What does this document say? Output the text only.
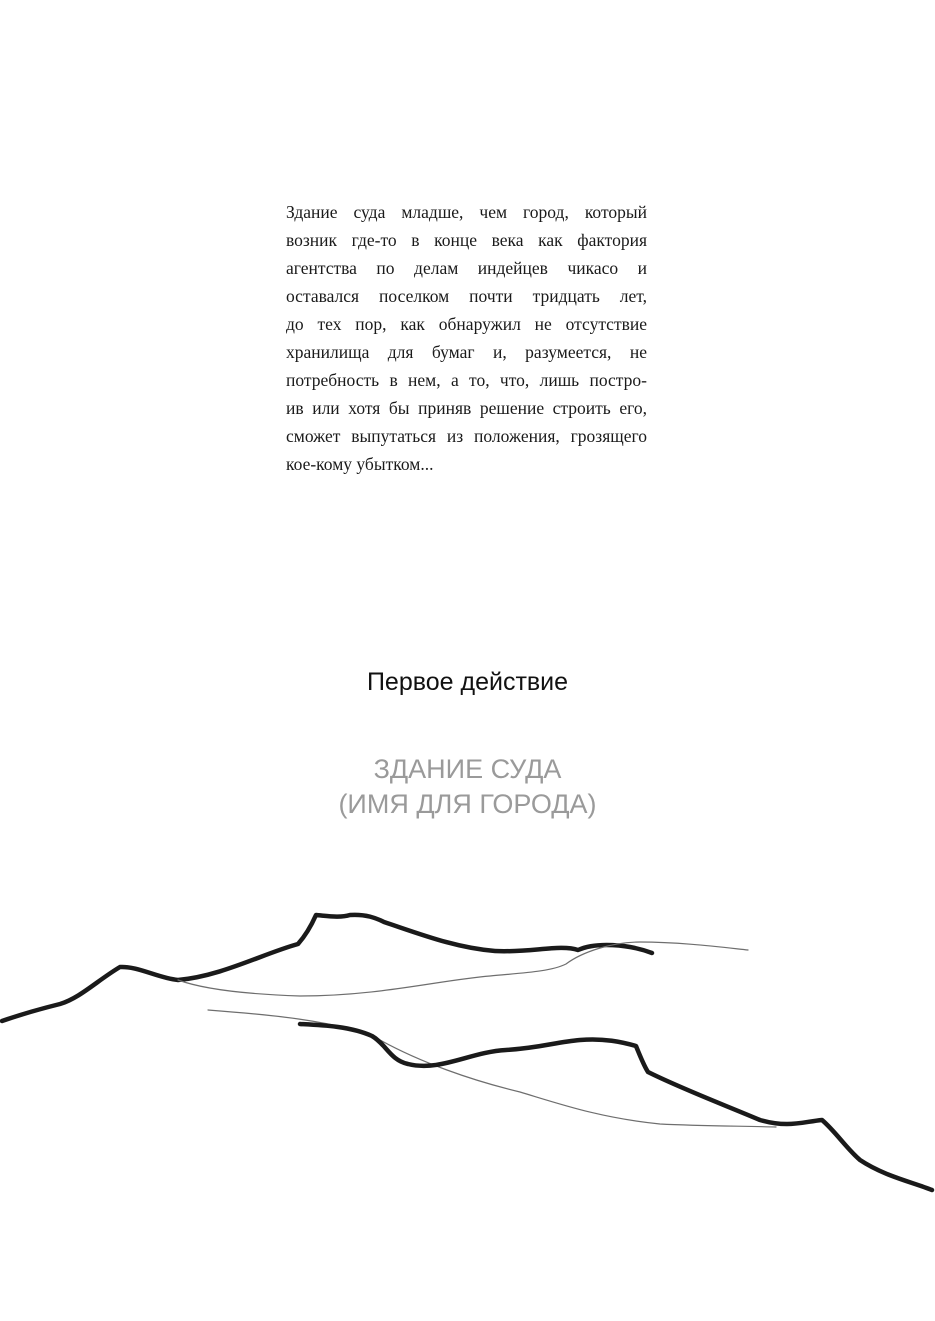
Здание суда младше, чем город, который
возник где-то в конце века как фактория
агентства по делам индейцев чикасо и
оставался поселком почти тридцать лет,
до тех пор, как обнаружил не отсутствие
хранилища для бумаг и, разумеется, не
потребность в нем, а то, что, лишь постро-
ив или хотя бы приняв решение строить его,
сможет выпутаться из положения, грозящего
кое-кому убытком...
Первое действие
ЗДАНИЕ СУДА
(ИМЯ ДЛЯ ГОРОДА)
